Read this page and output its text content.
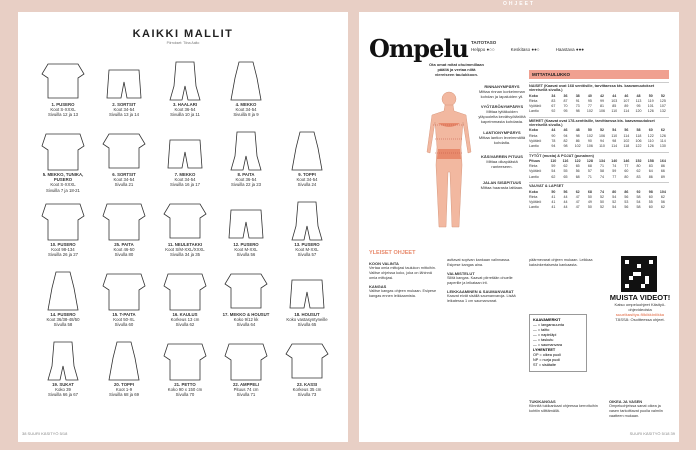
OHJEET
KAIKKI MALLIT
Piirrokset: Tiina Aalto
1. PUSERO
Koot S-XXXL
Sivuilla 12 ja 13
2. SORTSIT
Koot 34-54
Sivuilla 13 ja 14
3. HAALARI
Koot 36-54
Sivuilla 10 ja 11
4. MEKKO
Koot 34-54
Sivuilla 8 ja 9
5. MEKKO, TUNIKA, PUSERO
Koot S-XXXL
Sivuilla 7 ja 18-21
6. SORTSIT
Koot 34-54
Sivulla 21
7. MEKKO
Koot 34-54
Sivuilla 16 ja 17
8. PAITA
Koot 36-54
Sivuilla 22 ja 23
9. TOPPI
Koot 34-54
Sivulla 24
10. PUSERO
Koot 98-134
Sivuilla 26 ja 27
25. PAITA
Koot 46-50
Sivulla 80
11. NEULETAKKI
Koot S/M-XXL/XXXL
Sivuilla 34 ja 35
12. PUSERO
Koot M-XXL
Sivulla 56
13. PUSERO
Koot M-XXL
Sivulla 57
14. PUSERO
Koot 36/38-48/50
Sivulla 58
15. T-PAITA
Koot 50-XL
Sivulla 60
16. KAULUS
Korkeus 13 cm
Sivulla 62
17. MEKKO & HOUSUT
Koko 9/12 kk
Sivulla 64
18. HOUSUT
Koko vastasyntyneille
Sivulla 65
19. SUKAT
Koko 39
Sivuilla 66 ja 67
20. TOPPI
Koot 1-9
Sivuilla 68 ja 69
21. PETTO
Koko 90 x 150 cm
Sivulla 70
22. AMPPELI
Pituus 74 cm
Sivulla 71
23. KASSI
Korkeus 35 cm
Sivulla 73
38 SUURI KÄSITYÖ 5/18
Ompelu TAITOTASO
Helppo ●○○	Keskitaso ●●○	Haastava ●●●
Ota omat mitat ohuimmillaan päällä ja vertaa niitä viereiseen taulukkoon.
RINNANYMPÄRYS
Mittaa rinnan korkeimman kohdan ja lapaluiden yli.
VYÖTÄRÖNYMPÄRYS
Mittaa tyttäkuiden yläpuolelta kevätvyötäröltä kapeimmasta kohdasta.
LANTIONYMPÄRYS
Mittaa lantion leveimmältä kohdalta.
KÄSIVARREN PITUUS
Mittaa olkapäästä ranteeseen.
JALAN SISÄPITUUS
Mittaa haarasta lattiaan.
MITTATAULUKKO
NAISET (Kaavat ovat 168 senttisille, tarvittaessa kts. kaavamuutokset viereisellä sivulla.)
Koko	34	36	38	40	42	44	46	48	50	52
Rinta	83	87	91	95	99	103	107	113	119	125
Vyötärö	67	70	73	77	81	85	89	95	101	107
Lantio	92	95	98	102	106	110	114	120	126	132
MIEHET (Kaavat ovat 178-senttisille, tarvittaessa kts. kaavamuutokset viereisellä sivulla.)
Koko	44	46	48	50	52	54	56	58	60	62
Rinta	90	94	98	102	106	110	114	118	122	126
Vyötärö	78	82	86	90	94	98	102	106	110	114
Lantio	94	98	102	106	110	114	118	122	126	130
TYTÖT (musta) & POJAT (punainen)
Pituus	110	116	122	128	134	140	146	152	158	164
Rinta	59	62	65	68	71	74	77	80	83	86
Vyötärö	54	55	56	57	58	59	60	62	64	66
Lantio	62	65	68	71	74	77	80	83	86	89
VAUVAT & LAPSET
Koko	50	56	62	68	74	80	86	92	98	104
Rinta	41	44	47	50	52	54	56	58	60	62
Vyötärö	41	44	47	49	50	52	53	54	55	56
Lantio	41	44	47	50	52	54	56	58	60	62
YLEISET OHJEET
KOON VALINTA
Vertaa omia mittojasi taulukon mittoihin. Valitse ohjeissa koko, joka on lähinnä omia mittojasi.
KANGAS
Valitse kangas ohjeen mukaan. Esipese kangas ennen leikkaamista.
auttavat sopivan kankaan valinnassa. Esipese kangas aina.
VALMISTELUT
Silitä kangas. Kaavat piirretään ohuelle paperille ja leikataan irti.
LEIKKAAMINEN & SAUMANVARAT
Kaavat eivät sisällä saumanvaroja. Lisää leikatessa 1 cm saumanvarat.
päärmevarat ohjeen mukaan. Leikkaa kaksinkertaisesta kankaasta.
KAAVAMERKIT
— = langansuunta
— = taitto
— = napinläpi
— = taskutu
— = saumanvara
LYHENTEET
OP = oikea puoli
NP = nurja puoli
ST = sisätaite
TUKIKANGAS
Kiinnitä tukikankaat ohjeessa kerrottuihin kohtiin silittämällä.
MUISTA VIDEOT!
Katso ompeluohjeet Käsityö-ohjevideoista
suurikasityo.fi/kikkiviikko
TÄSSÄ: Osoitteessa ohjeet.
OIKEA JA VASEN
Ompeluohjeissa sanat oikea ja vasen tarkoittavat puolia valmiin vaatteen mukaan.
SUURI KÄSITYÖ 5/18 39
